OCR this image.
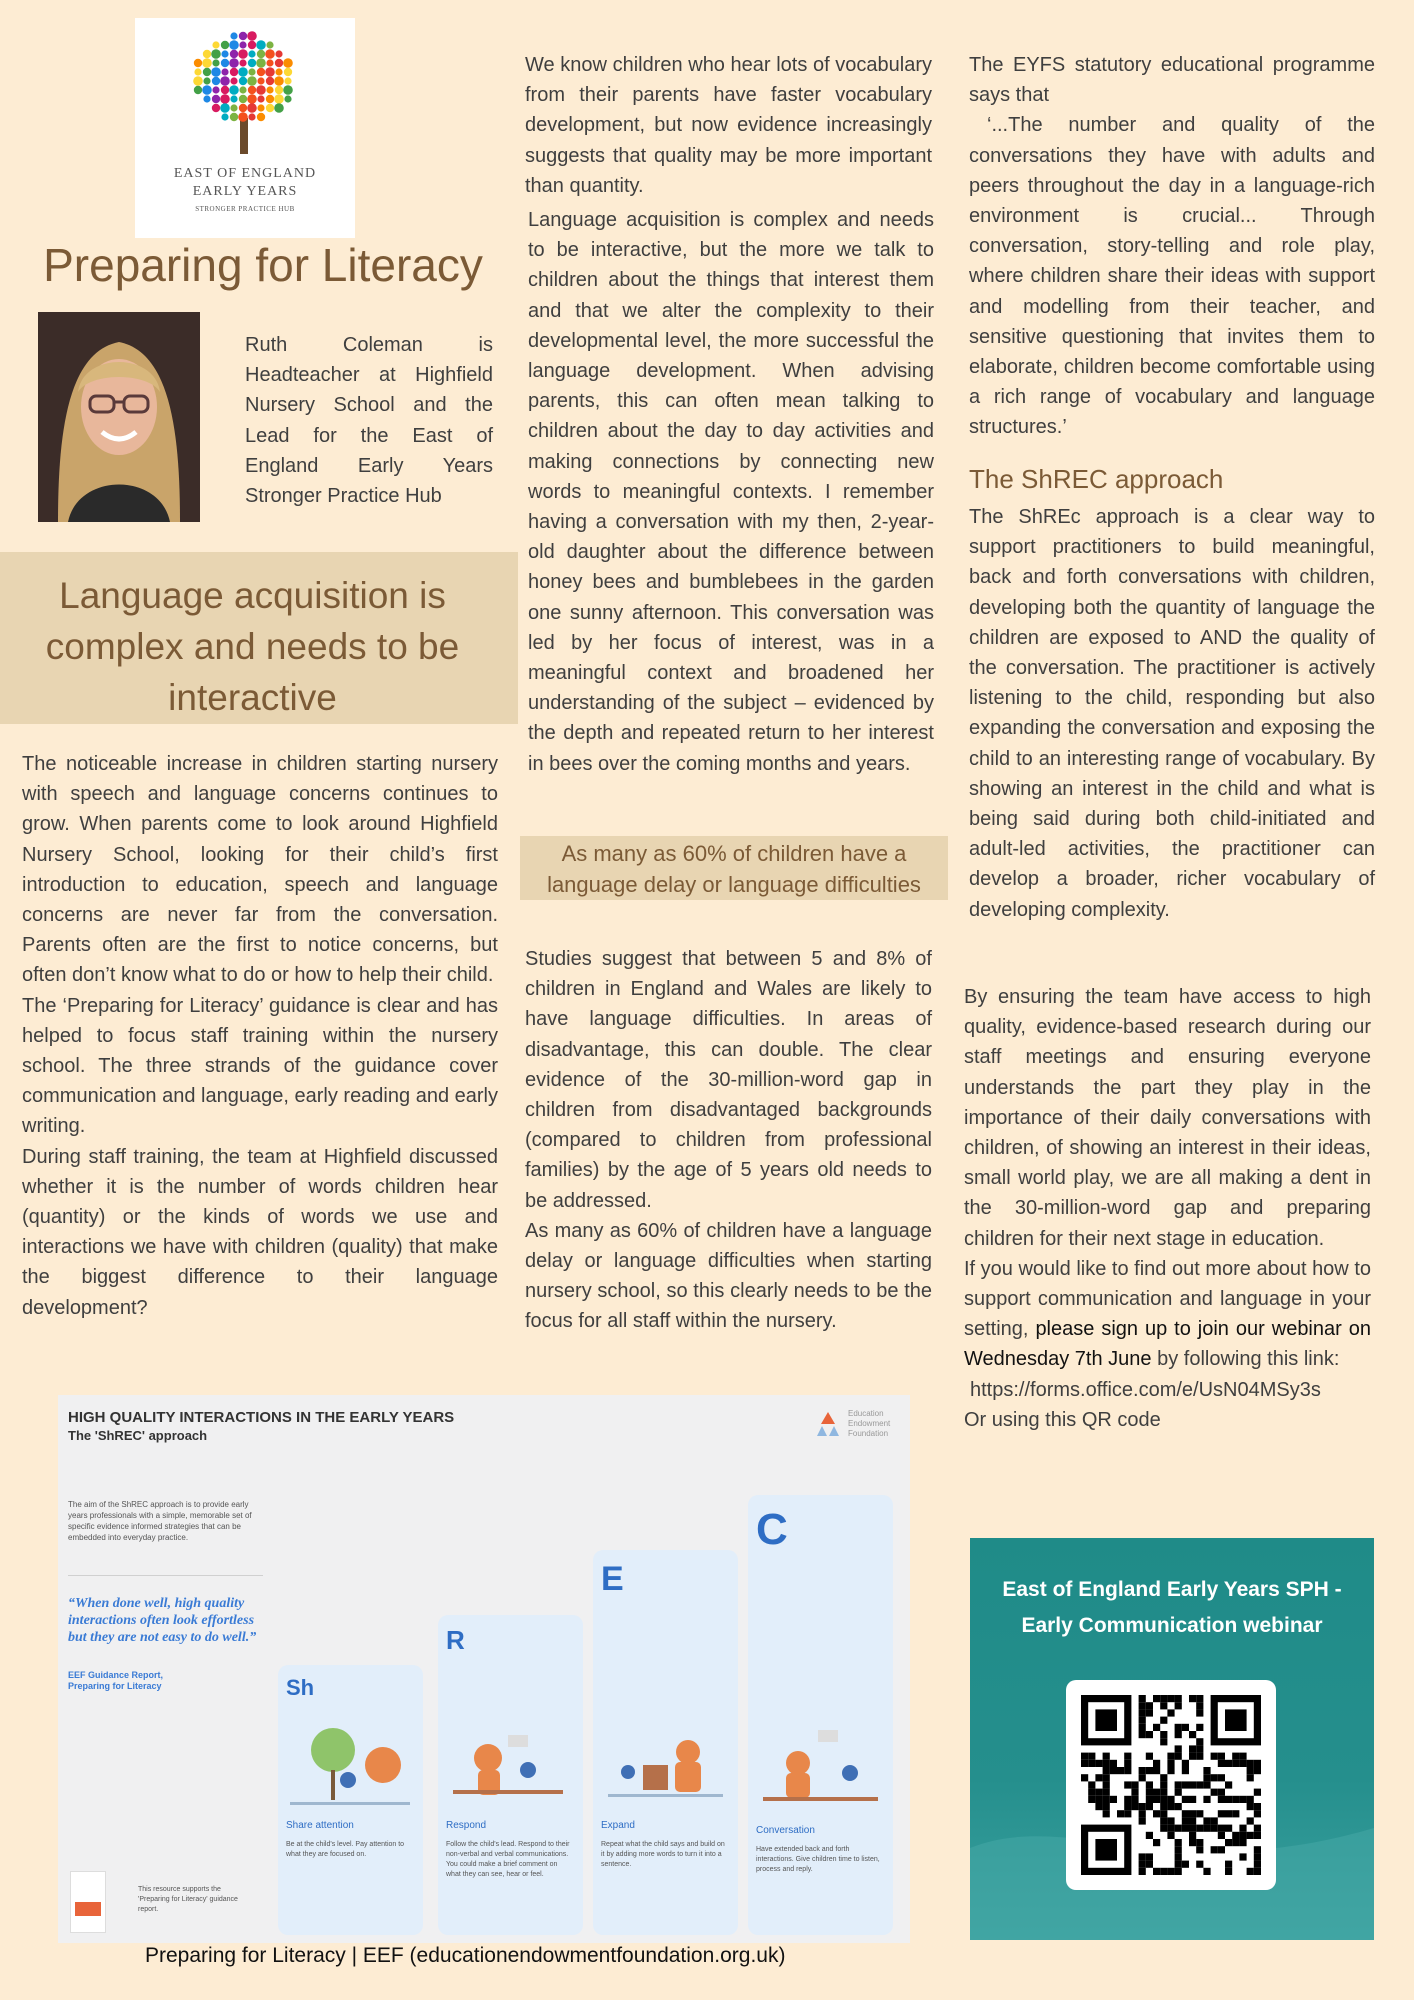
EAST OF ENGLAND
EARLY YEARS
STRONGER PRACTICE HUB
Preparing for Literacy
Ruth Coleman is Headteacher at Highfield Nursery School and the Lead for the East of England Early Years Stronger Practice Hub
Language acquisition is complex and needs to be interactive

The noticeable increase in children starting nursery with speech and language concerns continues to grow. When parents come to look around Highfield Nursery School, looking for their child’s first introduction to education, speech and language concerns are never far from the conversation. Parents often are the first to notice concerns, but often don’t know what to do or how to help their child.

The ‘Preparing for Literacy’ guidance is clear and has helped to focus staff training within the nursery school. The three strands of the guidance cover communication and language, early reading and early writing.

During staff training, the team at Highfield discussed whether it is the number of words children hear (quantity) or the kinds of words we use and interactions we have with children (quality) that make the biggest difference to their language development?

We know children who hear lots of vocabulary from their parents have faster vocabulary development, but now evidence increasingly suggests that quality may be more important than quantity.
Language acquisition is complex and needs to be interactive, but the more we talk to children about the things that interest them and that we alter the complexity to their developmental level, the more successful the language development. When advising parents, this can often mean talking to children about the day to day activities and making connections by connecting new words to meaningful contexts. I remember having a conversation with my then, 2-year-old daughter about the difference between honey bees and bumblebees in the garden one sunny afternoon. This conversation was led by her focus of interest, was in a meaningful context and broadened her understanding of the subject – evidenced by the depth and repeated return to her interest in bees over the coming months and years.
As many as 60% of children have a language delay or language difficulties

Studies suggest that between 5 and 8% of children in England and Wales are likely to have language difficulties. In areas of disadvantage, this can double. The clear evidence of the 30-million-word gap in children from disadvantaged backgrounds (compared to children from professional families) by the age of 5 years old needs to be addressed.

As many as 60% of children have a language delay or language difficulties when starting nursery school, so this clearly needs to be the focus for all staff within the nursery.

The EYFS statutory educational programme says that

‘...The number and quality of the conversations they have with adults and peers throughout the day in a language-rich environment is crucial... Through conversation, story-telling and role play, where children share their ideas with support and modelling from their teacher, and sensitive questioning that invites them to elaborate, children become comfortable using a rich range of vocabulary and language structures.’

The ShREC approach
The ShREc approach is a clear way to support practitioners to build meaningful, back and forth conversations with children, developing both the quantity of language the children are exposed to AND the quality of the conversation. The practitioner is actively listening to the child, responding but also expanding the conversation and exposing the child to an interesting range of vocabulary. By showing an interest in the child and what is being said during both child-initiated and adult-led activities, the practitioner can develop a broader, richer vocabulary of developing complexity.

By ensuring the team have access to high quality, evidence-based research during our staff meetings and ensuring everyone understands the part they play in the importance of their daily conversations with children, of showing an interest in their ideas, small world play, we are all making a dent in the 30-million-word gap and preparing children for their next stage in education.

If you would like to find out more about how to support communication and language in your setting, please sign up to join our webinar on Wednesday 7th June by following this link:

https://forms.office.com/e/UsN04MSy3s

Or using this QR code

HIGH QUALITY INTERACTIONS IN THE EARLY YEARS
The 'ShREC' approach
Education
Endowment
Foundation
The aim of the ShREC approach is to provide early years professionals with a simple, memorable set of specific evidence informed strategies that can be embedded into everyday practice.
“When done well, high quality interactions often look effortless but they are not easy to do well.”
EEF Guidance Report,
Preparing for Literacy	Sh
Share attention
Be at the child's level. Pay attention to what they are focused on.
R
Respond
Follow the child's lead. Respond to their non-verbal and verbal communications. You could make a brief comment on what they can see, hear or feel.
E
Expand
Repeat what the child says and build on it by adding more words to turn it into a sentence.
C
Conversation
Have extended back and forth interactions. Give children time to listen, process and reply.
This resource supports the 'Preparing for Literacy' guidance report.
Preparing for Literacy | EEF (educationendowmentfoundation.org.uk)
East of England Early Years SPH -
Early Communication webinar
